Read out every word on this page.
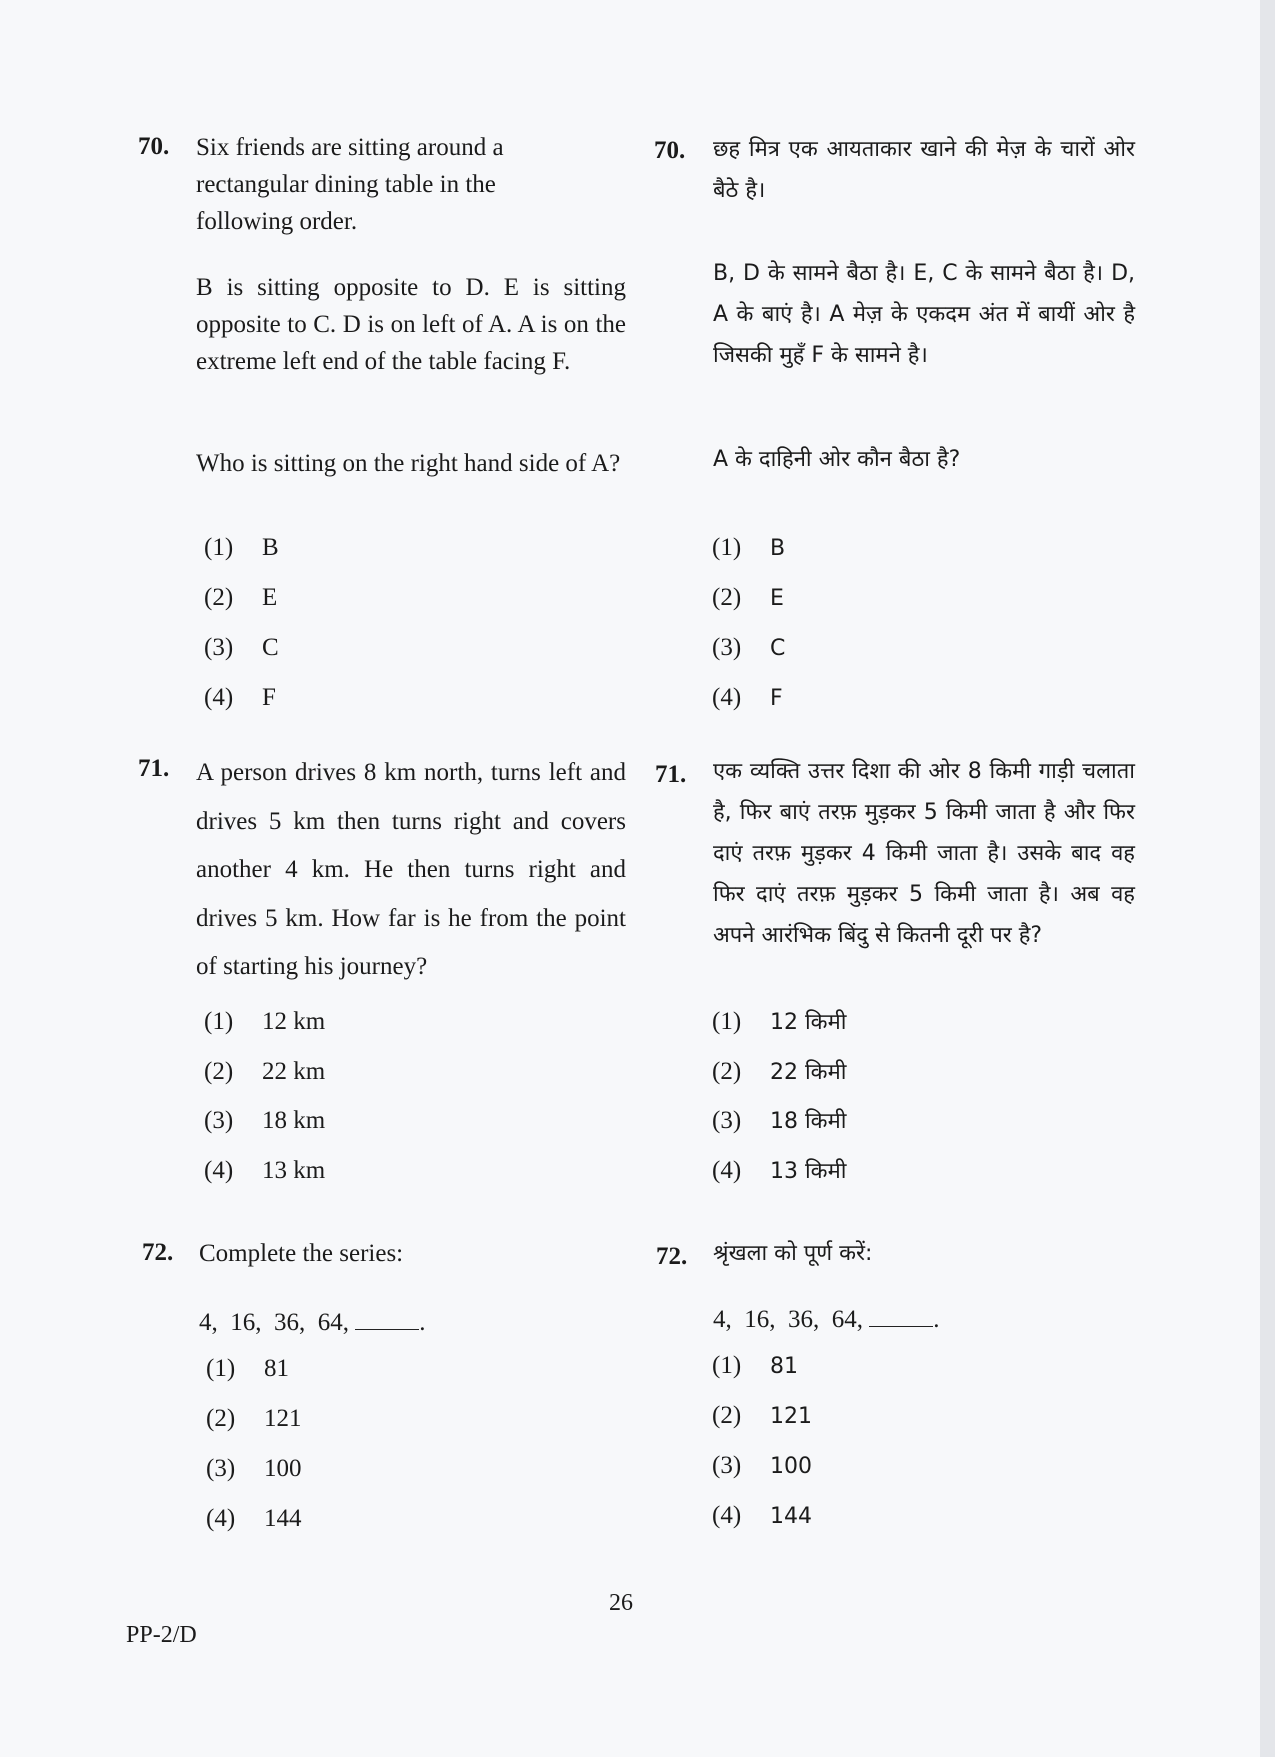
70. Six friends are sitting around a
rectangular dining table in the
following order.
B is sitting opposite to D. E is sitting opposite to C. D is on left of A. A is on the extreme left end of the table facing F.
Who is sitting on the right hand side of A?
(1) B
(2) E
(3) C
(4) F
71. A person drives 8 km north, turns left and drives 5 km then turns right and covers another 4 km. He then turns right and drives 5 km. How far is he from the point of starting his journey?
(1) 12 km
(2) 22 km
(3) 18 km
(4) 13 km
72. Complete the series:
4,  16,  36,  64,	.
(1) 81
(2) 121
(3) 100
(4) 144
70. छह मित्र एक आयताकार खाने की मेज़ के चारों ओर बैठे है।
B, D के सामने बैठा है। E, C के सामने बैठा है। D, A के बाएं है। A मेज़ के एकदम अंत में बायीं ओर है जिसकी मुहँ F के सामने है।
A के दाहिनी ओर कौन बैठा है?
(1) B
(2) E
(3) C
(4) F
71. एक व्यक्ति उत्तर दिशा की ओर 8 किमी गाड़ी चलाता है, फिर बाएं तरफ़ मुड़कर 5 किमी जाता है और फिर दाएं तरफ़ मुड़कर 4 किमी जाता है। उसके बाद वह फिर दाएं तरफ़ मुड़कर 5 किमी जाता है। अब वह अपने आरंभिक बिंदु से कितनी दूरी पर है?
(1) 12 किमी
(2) 22 किमी
(3) 18 किमी
(4) 13 किमी
72. श्रृंखला को पूर्ण करें:
4,  16,  36,  64,	.
(1) 81
(2) 121
(3) 100
(4) 144
26
PP-2/D
